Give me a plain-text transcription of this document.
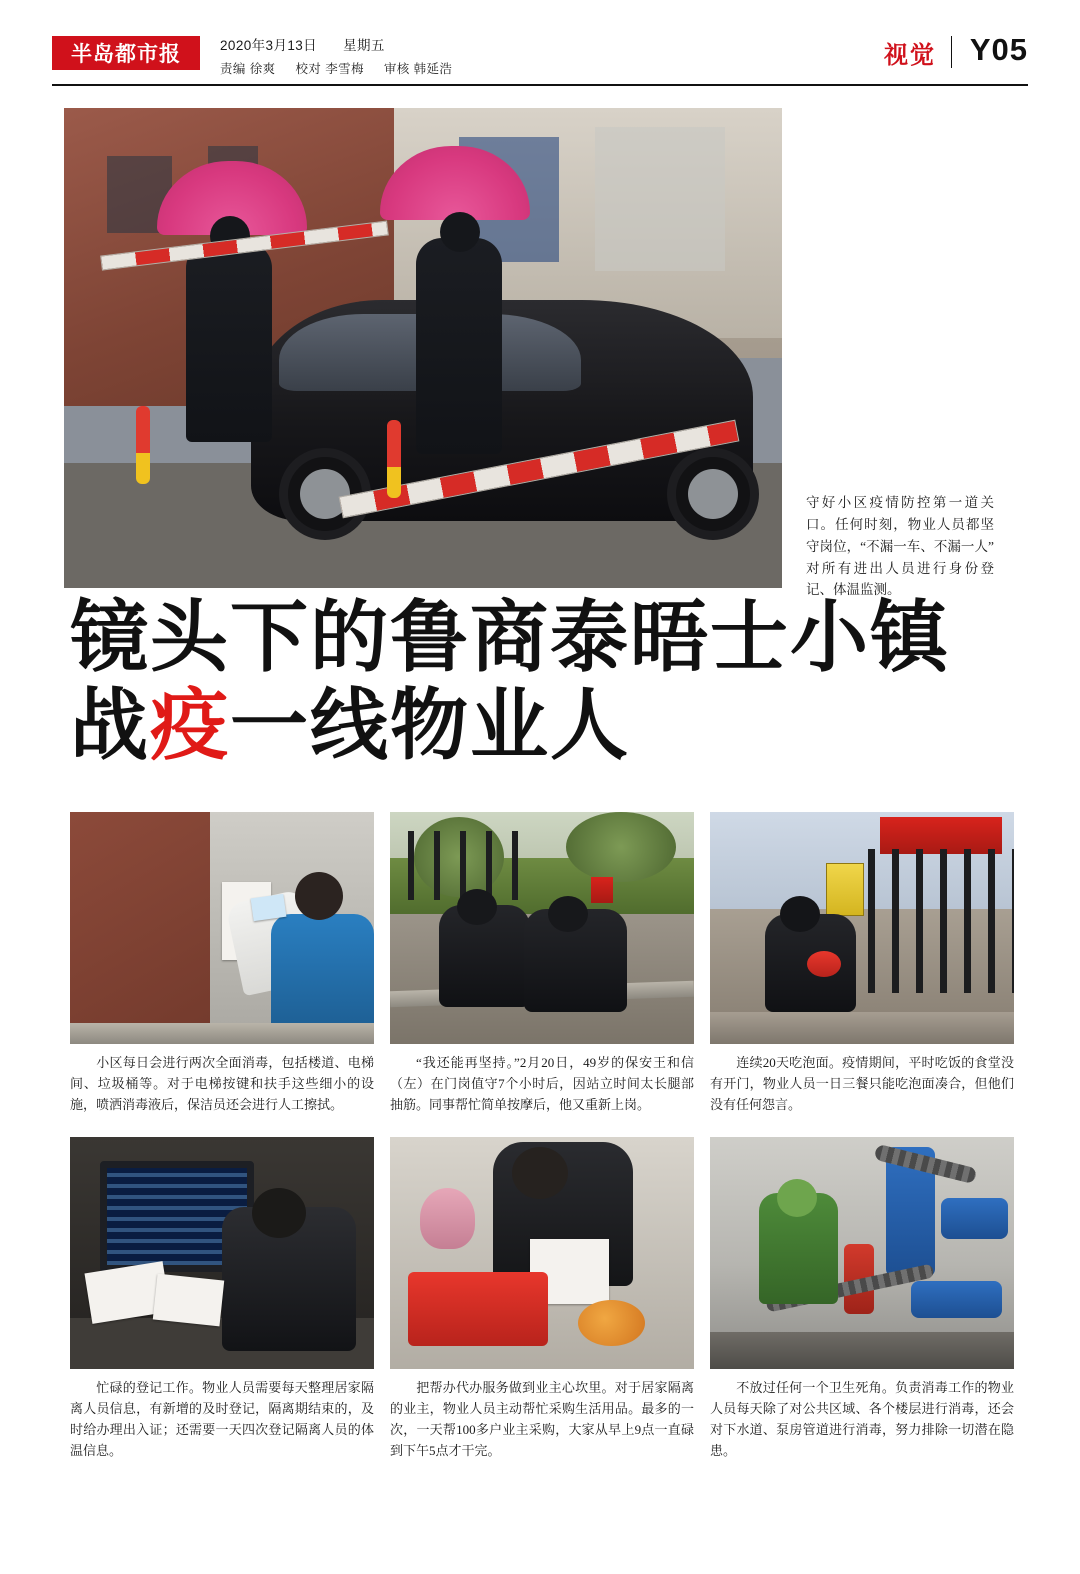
半岛都市报	2020年3月13日 星期五
责编 徐爽 校对 李雪梅 审核 韩延浩	视觉 Y05
守好小区疫情防控第一道关口。任何时刻，物业人员都坚守岗位，“不漏一车、不漏一人”对所有进出人员进行身份登记、体温监测。
镜头下的鲁商泰晤士小镇
战疫一线物业人
小区每日会进行两次全面消毒，包括楼道、电梯间、垃圾桶等。对于电梯按键和扶手这些细小的设施，喷洒消毒液后，保洁员还会进行人工擦拭。
“我还能再坚持。”2月20日，49岁的保安王和信（左）在门岗值守7个小时后，因站立时间太长腿部抽筋。同事帮忙简单按摩后，他又重新上岗。
连续20天吃泡面。疫情期间，平时吃饭的食堂没有开门，物业人员一日三餐只能吃泡面凑合，但他们没有任何怨言。
忙碌的登记工作。物业人员需要每天整理居家隔离人员信息，有新增的及时登记，隔离期结束的，及时给办理出入证；还需要一天四次登记隔离人员的体温信息。
把帮办代办服务做到业主心坎里。对于居家隔离的业主，物业人员主动帮忙采购生活用品。最多的一次，一天帮100多户业主采购，大家从早上9点一直碌到下午5点才干完。
不放过任何一个卫生死角。负责消毒工作的物业人员每天除了对公共区域、各个楼层进行消毒，还会对下水道、泵房管道进行消毒，努力排除一切潜在隐患。
